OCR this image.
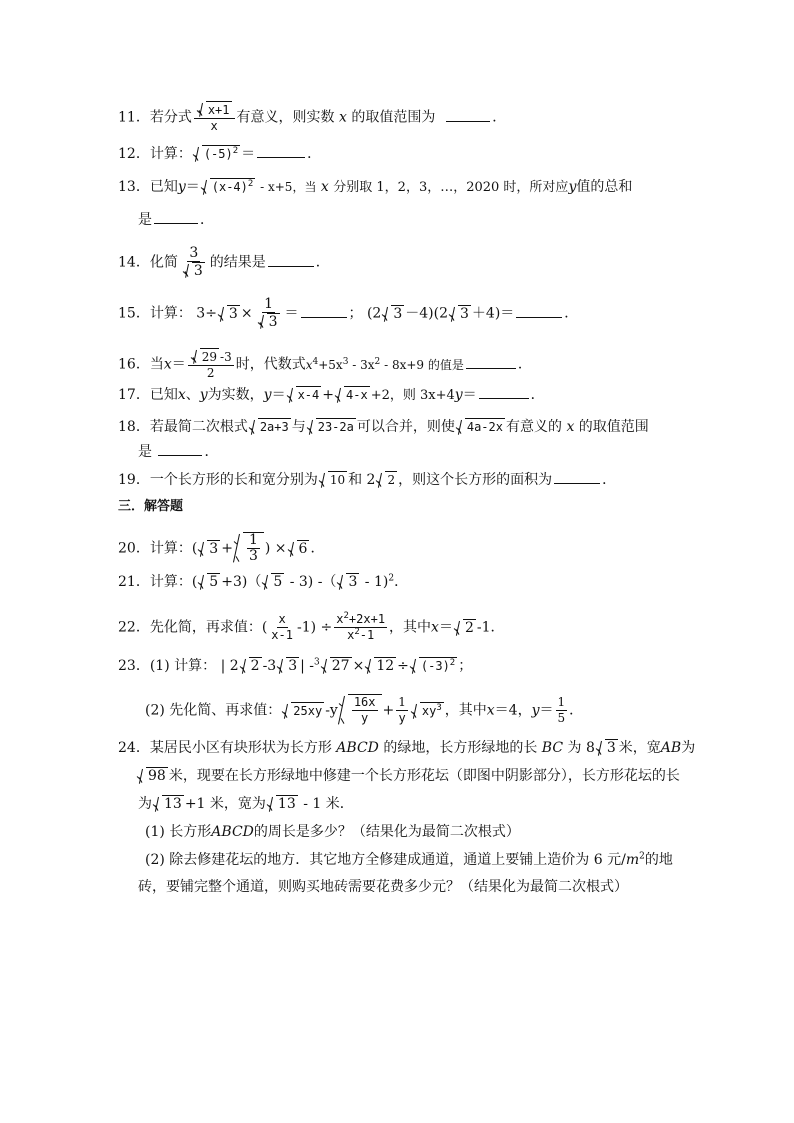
11．若分式 $\frac{x+1}{x}$ 有意义，则实数 x 的取值范围为	．
12．计算： $(-5)^2$ ＝	．
13．已知$y= (x-4)^2 - x+5$，当 x 分别取 1，2，3，…，2020 时，所对应y值的总和
是	．
14．化简 $\frac{3}{3}$ 的结果是	．
15．计算： $3\div 3 \times \frac{1}{3}$ ＝	； (2 3 －4)(2 3 ＋4)＝	．
16．当$x= \frac{29 -3}{2}$ 时，代数式$x^4+5x^3 - 3x^2 - 8x+9$ 的值是	．
17．已知x、y为实数，y＝ x-4 + 4-x +2，则 3x+4y＝	．
18．若最简二次根式 2a+3 与 23-2a 可以合并，则使 4a-2x 有意义的 x 的取值范围
是	．
19．一个长方形的长和宽分别为 10 和 2 2 ，则这个长方形的面积为	．
三．解答题
20．计算：( $3 + \frac{1}{3}$ ) × 6 ．
21．计算：( 5 +3)（ 5 - 3) -（ 3 - 1)$^2$．
22．先化简，再求值：( $\frac{x}{x-1} -1) \div \frac{x^2+2x+1}{x^2-1}$ ，其中x＝ 2 -1．
23．(1) 计算： | 2 2 -3 3 | -$^3$ $27 \times 12 \div (-3)^2$ ；
(2) 先化简、再求值： 25xy $-y \frac{16x}{y} + \frac{1}{y} xy^3$ ，其中x＝4，$y= \frac{1}{5}$ ．
24．某居民小区有块形状为长方形 ABCD 的绿地，长方形绿地的长 BC 为 8 3 米，宽AB为
98 米，现要在长方形绿地中修建一个长方形花坛（即图中阴影部分），长方形花坛的长
为 13 +1 米，宽为 13 - 1 米．
(1) 长方形ABCD的周长是多少？（结果化为最简二次根式）
(2) 除去修建花坛的地方．其它地方全修建成通道，通道上要铺上造价为 6 元$/m^2$的地
砖，要铺完整个通道，则购买地砖需要花费多少元？（结果化为最简二次根式）
